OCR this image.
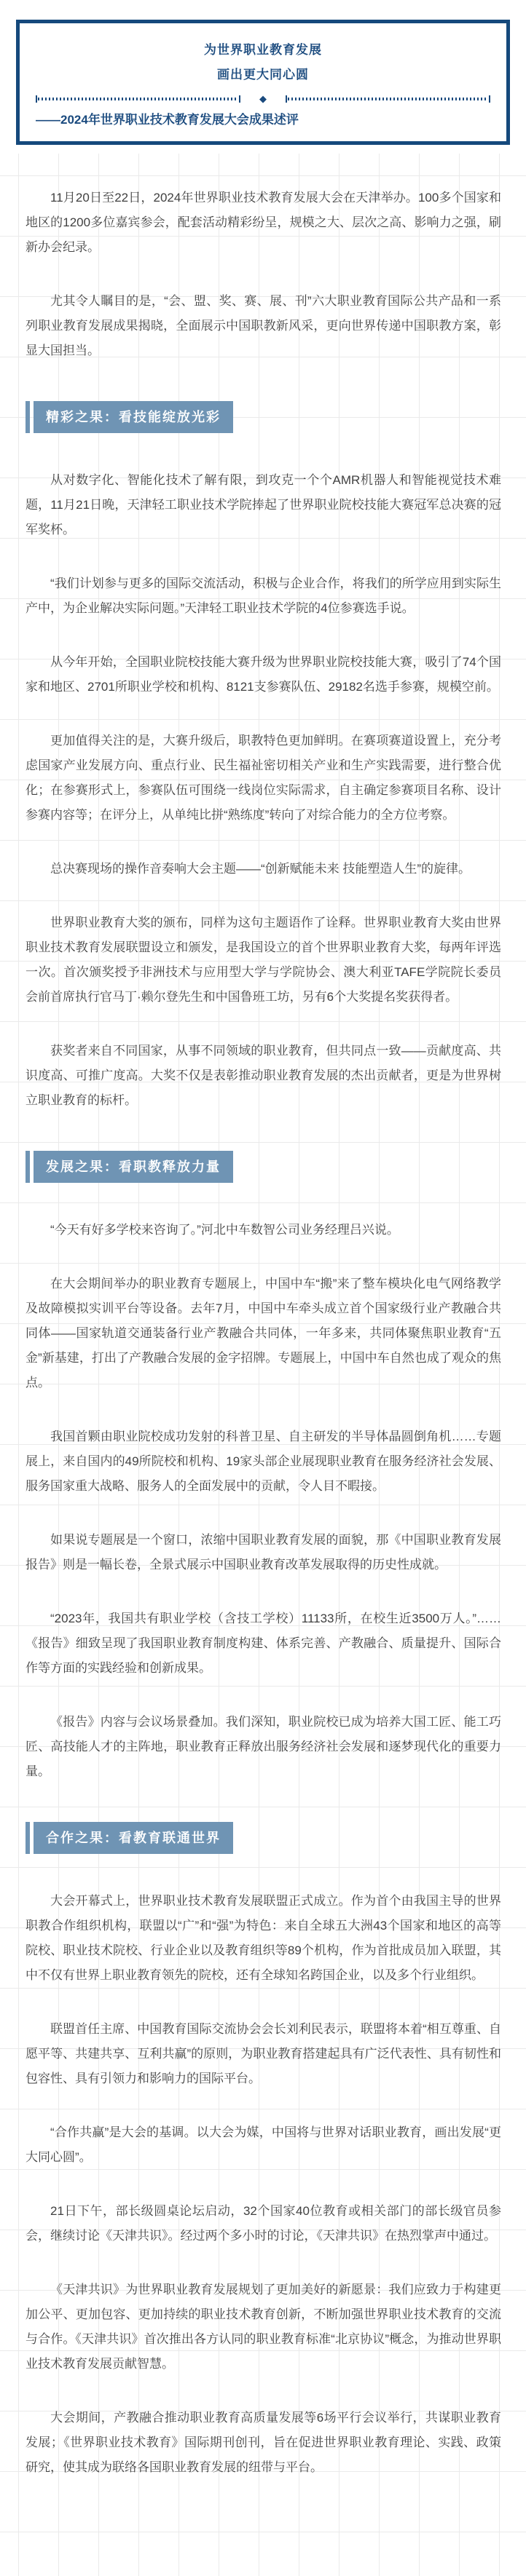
为世界职业教育发展
画出更大同心圆
◆
——2024年世界职业技术教育发展大会成果述评

11月20日至22日，2024年世界职业技术教育发展大会在天津举办。100多个国家和地区的1200多位嘉宾参会，配套活动精彩纷呈，规模之大、层次之高、影响力之强，刷新办会纪录。

尤其令人瞩目的是，“会、盟、奖、赛、展、刊”六大职业教育国际公共产品和一系列职业教育发展成果揭晓，全面展示中国职教新风采，更向世界传递中国职教方案，彰显大国担当。

精彩之果：看技能绽放光彩

从对数字化、智能化技术了解有限，到攻克一个个AMR机器人和智能视觉技术难题，11月21日晚，天津轻工职业技术学院捧起了世界职业院校技能大赛冠军总决赛的冠军奖杯。

“我们计划参与更多的国际交流活动，积极与企业合作，将我们的所学应用到实际生产中，为企业解决实际问题。”天津轻工职业技术学院的4位参赛选手说。

从今年开始，全国职业院校技能大赛升级为世界职业院校技能大赛，吸引了74个国家和地区、2701所职业学校和机构、8121支参赛队伍、29182名选手参赛，规模空前。

更加值得关注的是，大赛升级后，职教特色更加鲜明。在赛项赛道设置上，充分考虑国家产业发展方向、重点行业、民生福祉密切相关产业和生产实践需要，进行整合优化；在参赛形式上，参赛队伍可围绕一线岗位实际需求，自主确定参赛项目名称、设计参赛内容等；在评分上，从单纯比拼“熟练度”转向了对综合能力的全方位考察。

总决赛现场的操作音奏响大会主题——“创新赋能未来 技能塑造人生”的旋律。

世界职业教育大奖的颁布，同样为这句主题语作了诠释。世界职业教育大奖由世界职业技术教育发展联盟设立和颁发，是我国设立的首个世界职业教育大奖，每两年评选一次。首次颁奖授予非洲技术与应用型大学与学院协会、澳大利亚TAFE学院院长委员会前首席执行官马丁·赖尔登先生和中国鲁班工坊，另有6个大奖提名奖获得者。

获奖者来自不同国家，从事不同领域的职业教育，但共同点一致——贡献度高、共识度高、可推广度高。大奖不仅是表彰推动职业教育发展的杰出贡献者，更是为世界树立职业教育的标杆。

发展之果：看职教释放力量

“今天有好多学校来咨询了。”河北中车数智公司业务经理吕兴说。

在大会期间举办的职业教育专题展上，中国中车“搬”来了整车模块化电气网络教学及故障模拟实训平台等设备。去年7月，中国中车牵头成立首个国家级行业产教融合共同体——国家轨道交通装备行业产教融合共同体，一年多来，共同体聚焦职业教育“五金”新基建，打出了产教融合发展的金字招牌。专题展上，中国中车自然也成了观众的焦点。

我国首颗由职业院校成功发射的科普卫星、自主研发的半导体晶圆倒角机……专题展上，来自国内的49所院校和机构、19家头部企业展现职业教育在服务经济社会发展、服务国家重大战略、服务人的全面发展中的贡献，令人目不暇接。

如果说专题展是一个窗口，浓缩中国职业教育发展的面貌，那《中国职业教育发展报告》则是一幅长卷，全景式展示中国职业教育改革发展取得的历史性成就。

“2023年，我国共有职业学校（含技工学校）11133所，在校生近3500万人。”……《报告》细致呈现了我国职业教育制度构建、体系完善、产教融合、质量提升、国际合作等方面的实践经验和创新成果。

《报告》内容与会议场景叠加。我们深知，职业院校已成为培养大国工匠、能工巧匠、高技能人才的主阵地，职业教育正释放出服务经济社会发展和逐梦现代化的重要力量。

合作之果：看教育联通世界

大会开幕式上，世界职业技术教育发展联盟正式成立。作为首个由我国主导的世界职教合作组织机构，联盟以“广”和“强”为特色：来自全球五大洲43个国家和地区的高等院校、职业技术院校、行业企业以及教育组织等89个机构，作为首批成员加入联盟，其中不仅有世界上职业教育领先的院校，还有全球知名跨国企业，以及多个行业组织。

联盟首任主席、中国教育国际交流协会会长刘利民表示，联盟将本着“相互尊重、自愿平等、共建共享、互利共赢”的原则，为职业教育搭建起具有广泛代表性、具有韧性和包容性、具有引领力和影响力的国际平台。

“合作共赢”是大会的基调。以大会为媒，中国将与世界对话职业教育，画出发展“更大同心圆”。

21日下午，部长级圆桌论坛启动，32个国家40位教育或相关部门的部长级官员参会，继续讨论《天津共识》。经过两个多小时的讨论，《天津共识》在热烈掌声中通过。

《天津共识》为世界职业教育发展规划了更加美好的新愿景：我们应致力于构建更加公平、更加包容、更加持续的职业技术教育创新，不断加强世界职业技术教育的交流与合作。《天津共识》首次推出各方认同的职业教育标准“北京协议”概念，为推动世界职业技术教育发展贡献智慧。

大会期间，产教融合推动职业教育高质量发展等6场平行会议举行，共谋职业教育发展；《世界职业技术教育》国际期刊创刊，旨在促进世界职业教育理论、实践、政策研究，使其成为联络各国职业教育发展的纽带与平台。
